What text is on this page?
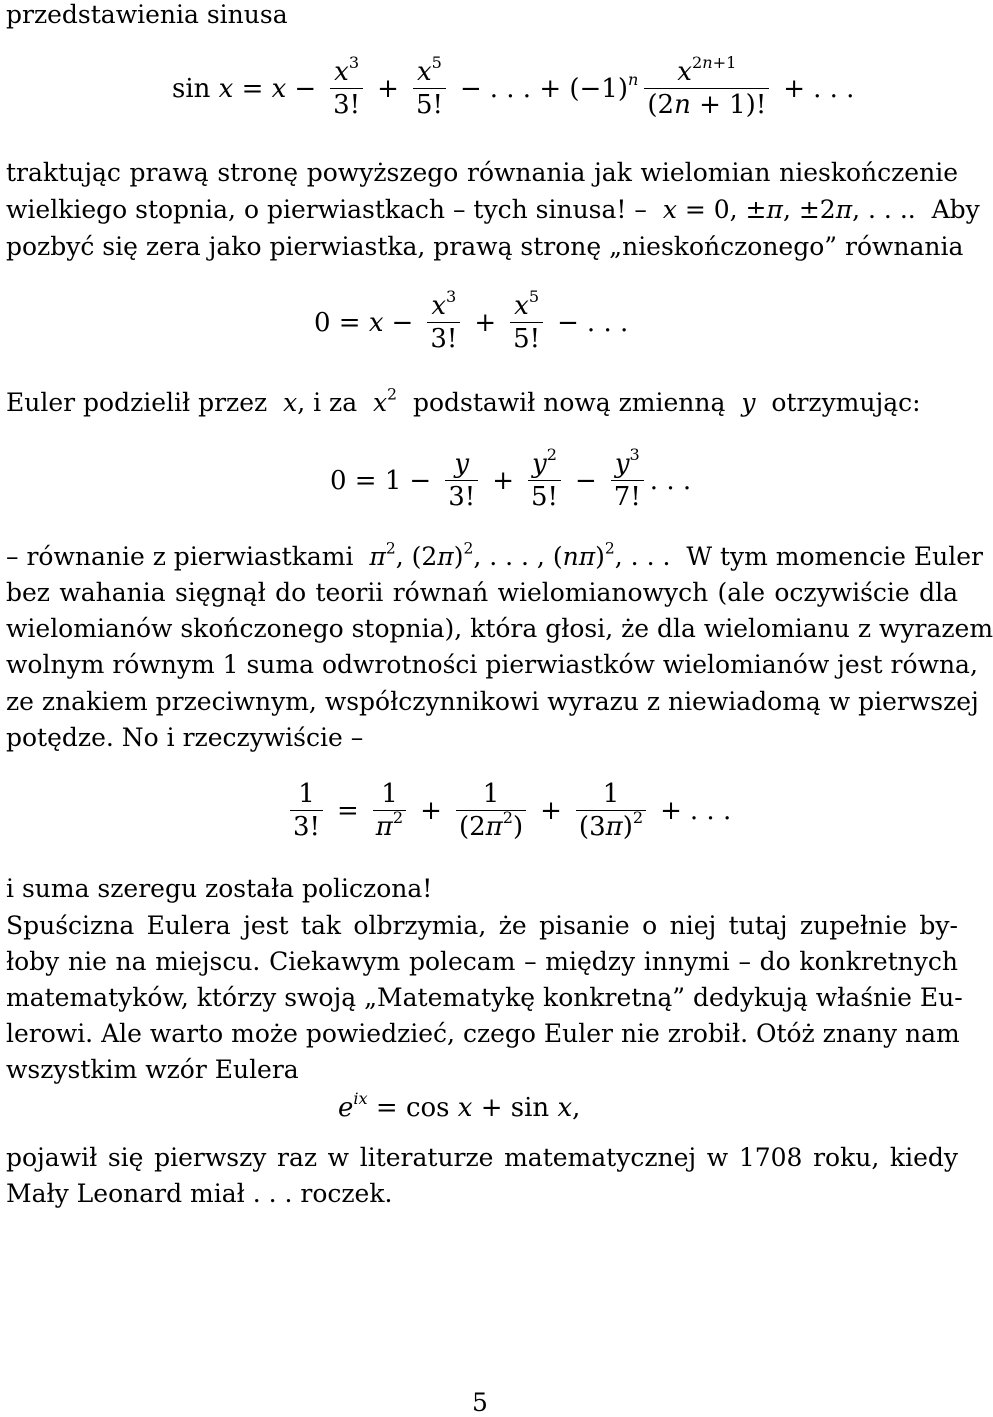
przedstawienia sinusa
$\sin x = x - \frac{x^3}{3!} + \frac{x^5}{5!}$ − . . . + $(-1)^n \frac{x^{2n+1}}{(2n + 1)!}$ + . . .
traktując prawą stronę powyższego równania jak wielomian nieskończenie
wielkiego stopnia, o pierwiastkach – tych sinusa! – x = 0, ±π, ±2π, . . ..  Aby
pozbyć się zera jako pierwiastka, prawą stronę „nieskończonego” równania
$0 = x - \frac{x^3}{3!} + \frac{x^5}{5!}$ − . . .
Euler podzielił przez x, i za $x^2$ podstawił nową zmienną y otrzymując:
$0 = 1 - \frac{y}{3!} + \frac{y^2}{5!} - \frac{y^3}{7!}$ . . .
– równanie z pierwiastkami $\pi^2$, $(2\pi)^2$, . . . , $(n\pi)^2$, . . .  W tym momencie Euler
bez wahania sięgnął do teorii równań wielomianowych (ale oczywiście dla
wielomianów skończonego stopnia), która głosi, że dla wielomianu z wyrazem
wolnym równym 1 suma odwrotności pierwiastków wielomianów jest równa,
ze znakiem przeciwnym, współczynnikowi wyrazu z niewiadomą w pierwszej
potędze. No i rzeczywiście –
$\frac{1}{3!} = \frac{1}{\pi^2} + \frac{1}{(2\pi^2)} + \frac{1}{(3\pi)^2}$ + . . .
i suma szeregu została policzona!
Spuścizna Eulera jest tak olbrzymia, że pisanie o niej tutaj zupełnie by-
łoby nie na miejscu. Ciekawym polecam – między innymi – do konkretnych
matematyków, którzy swoją „Matematykę konkretną” dedykują właśnie Eu-
lerowi. Ale warto może powiedzieć, czego Euler nie zrobił. Otóż znany nam
wszystkim wzór Eulera
$e^{ix} = \cos x + \sin x$,
pojawił się pierwszy raz w literaturze matematycznej w 1708 roku, kiedy
Mały Leonard miał . . . roczek.
5
